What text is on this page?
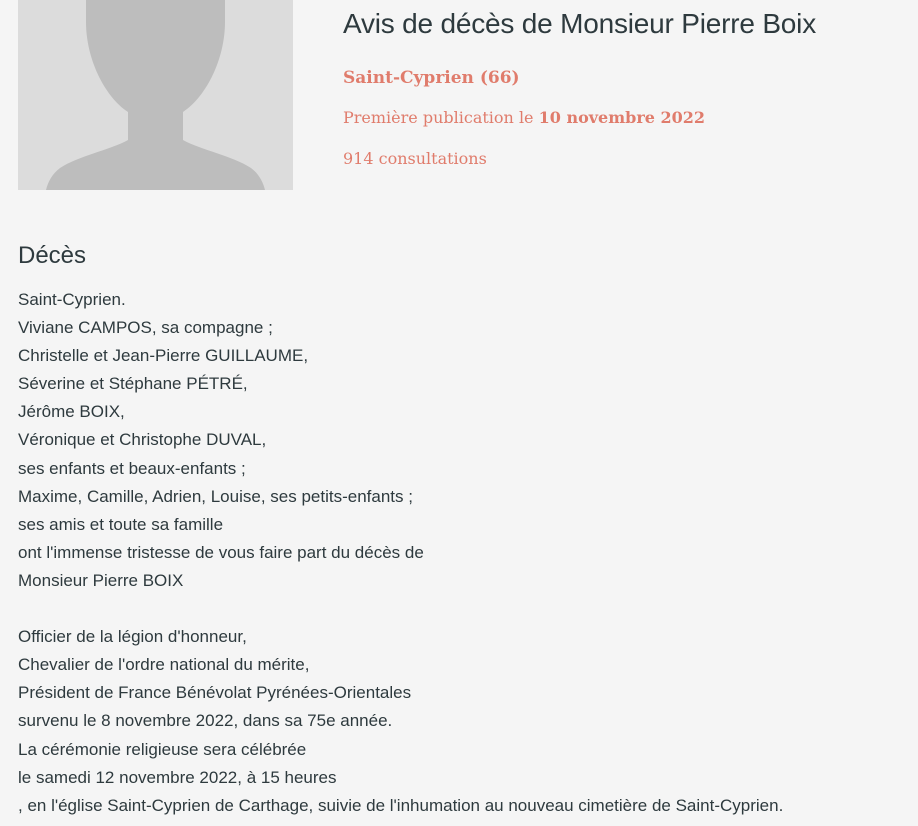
Avis de décès de Monsieur Pierre Boix
Saint-Cyprien (66)
Première publication le 10 novembre 2022
914 consultations
Décès
Saint-Cyprien.
Viviane CAMPOS, sa compagne ;
Christelle et Jean-Pierre GUILLAUME,
Séverine et Stéphane PÉTRÉ,
Jérôme BOIX,
Véronique et Christophe DUVAL,
ses enfants et beaux-enfants ;
Maxime, Camille, Adrien, Louise, ses petits-enfants ;
ses amis et toute sa famille
ont l'immense tristesse de vous faire part du décès de
Monsieur Pierre BOIX
Officier de la légion d'honneur,
Chevalier de l'ordre national du mérite,
Président de France Bénévolat Pyrénées-Orientales
survenu le 8 novembre 2022, dans sa 75e année.
La cérémonie religieuse sera célébrée
le samedi 12 novembre 2022, à 15 heures
, en l'église Saint-Cyprien de Carthage, suivie de l'inhumation au nouveau cimetière de Saint-Cyprien.
